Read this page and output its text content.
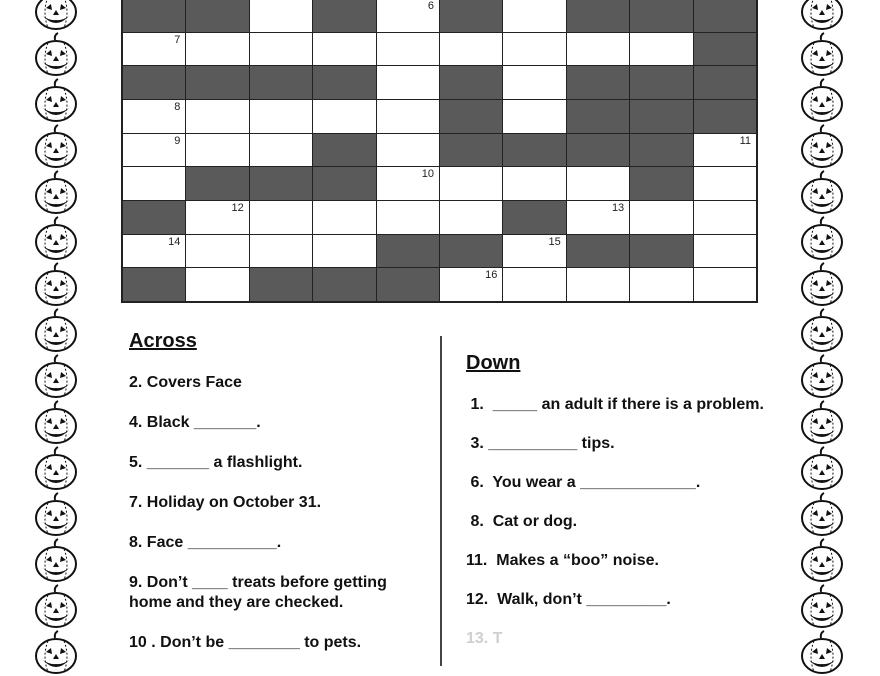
6
7
8
9	11
10
12	13
14	15
16
Across
2. Covers Face
4. Black _______.
5. _______ a flashlight.
7. Holiday on October 31.
8. Face __________.
9. Don’t ____ treats before getting home and they are checked.
10 . Don’t be ________ to pets.
Down
1.  _____ an adult if there is a problem.
3. __________ tips.
6.  You wear a _____________.
8.  Cat or dog.
11.  Makes a “boo” noise.
12.  Walk, don’t _________.
13. T
